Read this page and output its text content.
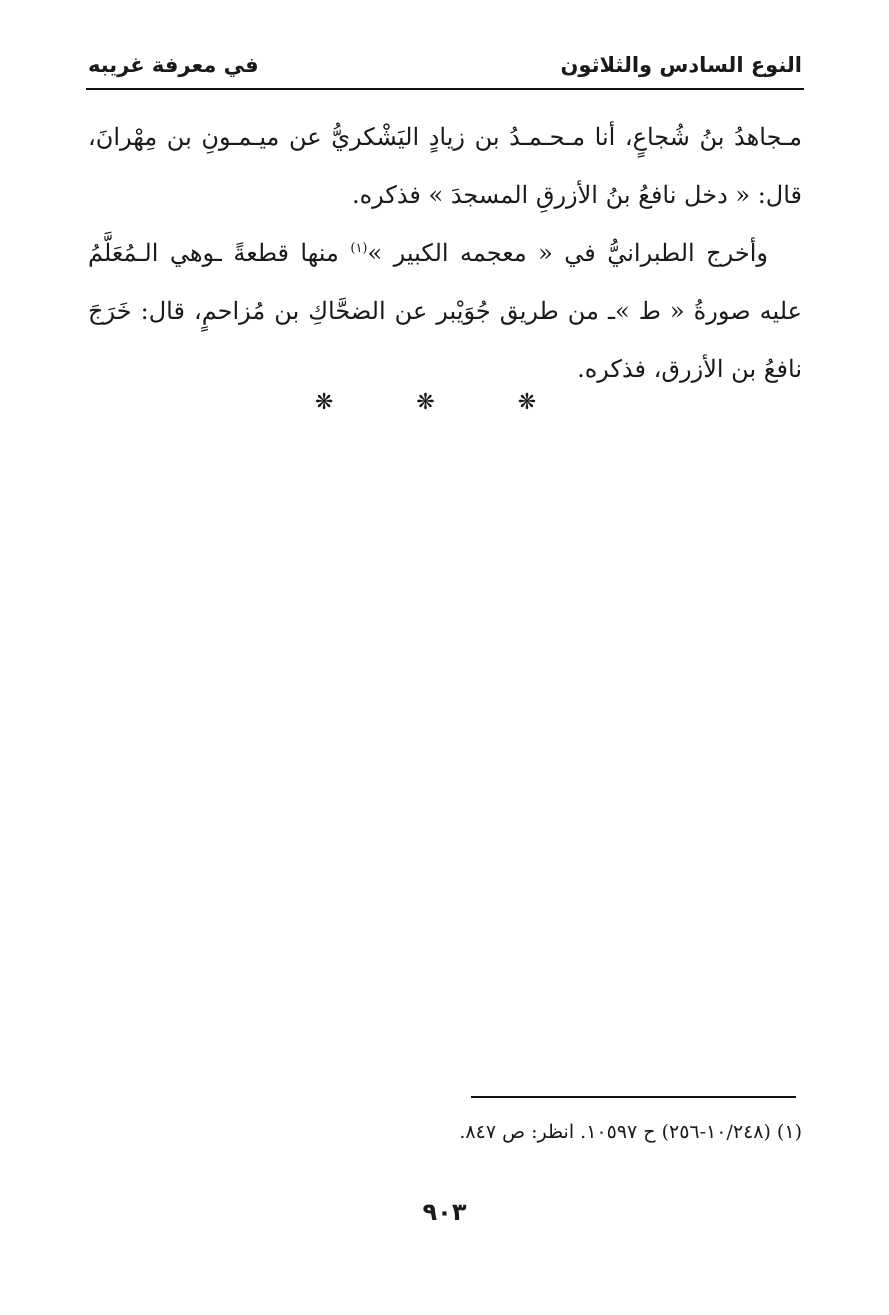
النوع السادس والثلاثون
في معرفة غريبه

مـجاهدُ بنُ شُجاعٍ، أنا مـحـمـدُ بن زيادٍ اليَشْكريُّ عن ميـمـونِ بن مِهْرانَ، قال: « دخل نافعُ بنُ الأزرقِ المسجدَ » فذكره.

وأخرج الطبرانيُّ في « معجمه الكبير »$^{(١)}$ منها قطعةً ـوهي الـمُعَلَّمُ عليه صورةُ « ط »ـ من طريق جُوَيْبر عن الضحَّاكِ بن مُزاحمٍ، قال: خَرَجَ نافعُ بن الأزرق، فذكره.

❋ ❋ ❋
(١) (١٠/٢٤٨-٢٥٦) ح ١٠٥٩٧. انظر: ص ٨٤٧.
٩٠٣
